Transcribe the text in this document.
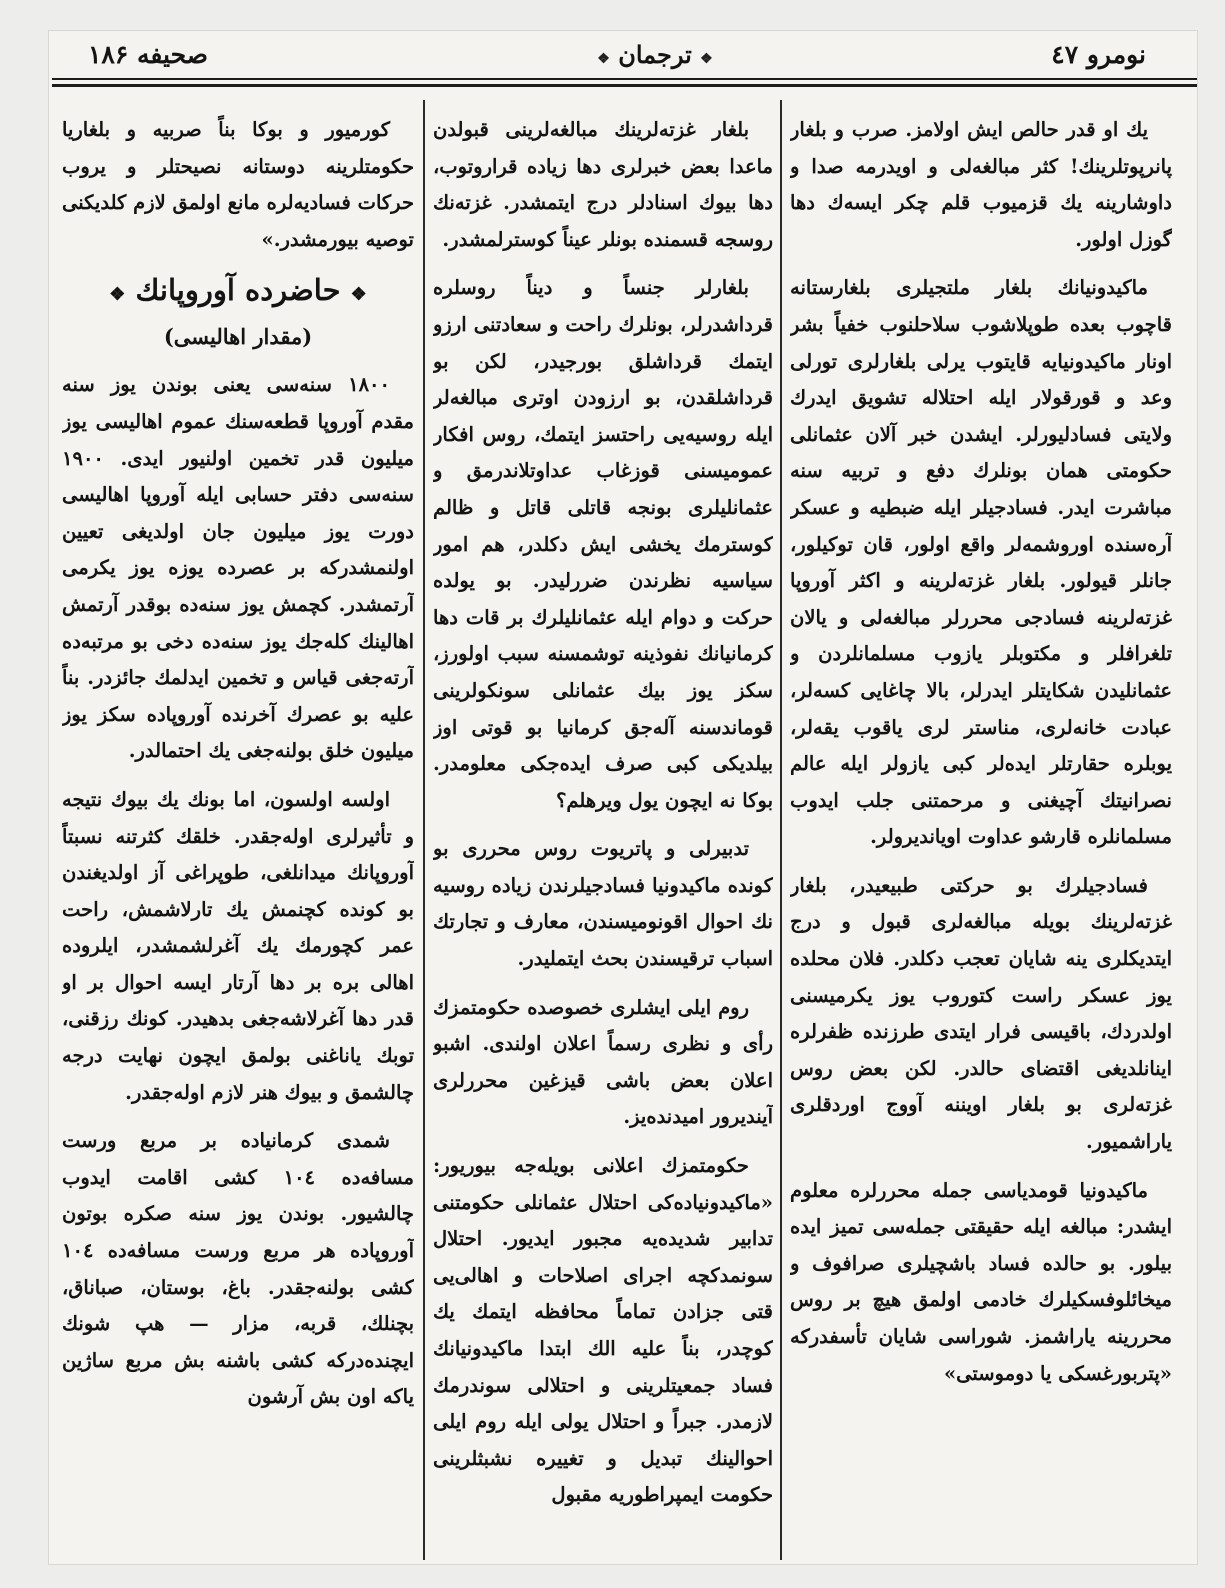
صحیفه ۱۸۶	❖ ترجمان ❖	نومرو ٤٧

یك او قدر حالص ایش اولامز. صرب و بلغار پانرپوتلرینك! كثر مبالغه‌لی و اویدرمه صدا و داوشارینه یك قزمیوب قلم چكر ایسه‌ك دها گوزل اولور.

ماكیدونیانك بلغار ملتجیلری بلغارستانه قاچوب بعده طوپلاشوب سلاحلنوب خفیاً بشر اونار ماكیدونیایه قایتوب یرلی بلغارلری تورلی وعد و قورقولار ایله احتلاله تشویق ایدرك ولایتی فسادلیورلر. ایشدن خبر آلان عثمانلی حكومتی همان بونلرك دفع و تربیه سنه مباشرت ایدر. فسادجیلر ایله ضبطیه و عسكر آره‌سنده اوروشمه‌لر واقع اولور، قان توكیلور، جانلر قیولور. بلغار غزته‌لرینه و اكثر آوروپا غزته‌لرینه فسادجی محررلر مبالغه‌لی و یالان تلغرافلر و مكتوبلر یازوب مسلمانلردن و عثمانلیدن شكایتلر ایدرلر، بالا چاغایی كسه‌لر، عبادت خانه‌لری، مناستر لری یاقوب یقه‌لر، یوبلره حقارتلر ایده‌لر كبی یازولر ایله عالم نصرانیتك آچیغنی و مرحمتنی جلب ایدوب مسلمانلره قارشو عداوت اویاندیرولر.

فسادجیلرك بو حركتی طبیعیدر، بلغار غزته‌لرینك بویله مبالغه‌لری قبول و درج ایتدیكلری ینه شایان تعجب دكلدر. فلان محلده یوز عسكر راست كتوروب یوز یكرمیسنی اولدردك، باقیسی فرار ایتدی طرزنده ظفرلره اینانلدیغی اقتضای حالدر. لكن بعض روس غزته‌لری بو بلغار اویننه آووج اوردقلری یاراشمیور.

ماكیدونیا قومدیاسی جمله محررلره معلوم ایشدر: مبالغه ایله حقیقتی جمله‌سی تمیز ایده بیلور. بو حالده فساد باشچیلری صرافوف و میخائلوفسكیلرك خادمی اولمق هیچ بر روس محررینه یاراشمز. شوراسی شایان تأسفدركه «پتربورغسكی یا دوموستی»

بلغار غزته‌لرینك مبالغه‌لرینی قبولدن ماعدا بعض خبرلری دها زیاده قراروتوب، دها بیوك اسنادلر درج ایتمشدر. غزته‌نك روسجه قسمنده بونلر عیناً كوسترلمشدر.

بلغارلر جنساً و دیناً روسلره قرداشدرلر، بونلرك راحت و سعادتنی ارزو ایتمك قرداشلق بورجیدر، لكن بو قرداشلقدن، بو ارزودن اوتری مبالغه‌لر ایله روسیه‌یی راحتسز ایتمك، روس افكار عمومیسنی قوزغاب عداوتلاندرمق و عثمانلیلری بونجه قاتلی قاتل و ظالم كوسترمك یخشی ایش دكلدر، هم امور سیاسیه نظرندن ضررلیدر. بو یولده حركت و دوام ایله عثمانلیلرك بر قات دها كرمانیانك نفوذینه توشمسنه سبب اولورز، سكز یوز بیك عثمانلی سونكولرینی قوماندسنه آله‌جق كرمانیا بو قوتی اوز بیلدیكی كبی صرف ایده‌جكی معلومدر. بوكا نه ایچون یول ویرهلم؟

تدبیرلی و پاتریوت روس محرری بو كونده ماكیدونیا فسادجیلرندن زیاده روسیه نك احوال اقونومیسندن، معارف و تجارتك اسباب ترقیسندن بحث ایتملیدر.

روم ایلی ایشلری خصوصده حكومتمزك رأی و نظری رسماً اعلان اولندی. اشبو اعلان بعض باشی قیزغین محررلری آیندیرور امیدنده‌یز.

حكومتمزك اعلانی بویله‌جه بیوریور: «ماكیدونیاده‌كی احتلال عثمانلی حكومتنی تدابیر شدیده‌یه مجبور ایدیور. احتلال سونمدكچه اجرای اصلاحات و اهالی‌یی قتی جزادن تماماً محافظه ایتمك یك كوچدر، بناً علیه الك ابتدا ماكیدونیانك فساد جمعیتلرینی و احتلالی سوندرمك لازمدر. جبراً و احتلال یولی ایله روم ایلی احوالینك تبدیل و تغییره نشبثلرینی حكومت ایمپراطوریه مقبول

كورمیور و بوكا بناً صربیه و بلغاریا حكومتلرینه دوستانه نصیحتلر و یروب حركات فسادیه‌لره مانع اولمق لازم كلدیكنی توصیه بیورمشدر.»

❖ حاضرده آوروپانك ❖
(مقدار اهالیسی)

۱۸۰۰ سنه‌سی یعنی بوندن یوز سنه مقدم آوروپا قطعه‌سنك عموم اهالیسی یوز میلیون قدر تخمین اولنیور ایدی. ۱۹۰۰ سنه‌سی دفتر حسابی ایله آوروپا اهالیسی دورت یوز میلیون جان اولدیغی تعیین اولنمشدركه بر عصرده یوزه یوز یكرمی آرتمشدر. كچمش یوز سنه‌ده بوقدر آرتمش اهالینك كله‌جك یوز سنه‌ده دخی بو مرتبه‌ده آرته‌جغی قیاس و تخمین ایدلمك جائزدر. بناً علیه بو عصرك آخرنده آوروپاده سكز یوز میلیون خلق بولنه‌جغی یك احتمالدر.

اولسه اولسون، اما بونك یك بیوك نتیجه و تأثیرلری اوله‌جقدر. خلقك كثرتنه نسبتاً آوروپانك میدانلغی، طوپراغی آز اولدیغندن بو كونده كچنمش یك تارلاشمش، راحت عمر كچورمك یك آغرلشمشدر، ایلروده اهالی بره بر دها آرتار ایسه احوال بر او قدر دها آغرلاشه‌جغی بدهیدر. كونك رزقنی، توبك یاناغنی بولمق ایچون نهایت درجه چالشمق و بیوك هنر لازم اوله‌جقدر.

شمدی كرمانیاده بر مربع ورست مسافه‌ده ۱۰٤ كشی اقامت ایدوب چالشیور. بوندن یوز سنه صكره بوتون آوروپاده هر مربع ورست مسافه‌ده ۱۰٤ كشی بولنه‌جقدر. باغ، بوستان، صباناق، بچنلك، قربه، مزار — هپ شونك ایچنده‌دركه كشی باشنه بش مربع ساژین یاكه اون بش آرشون
